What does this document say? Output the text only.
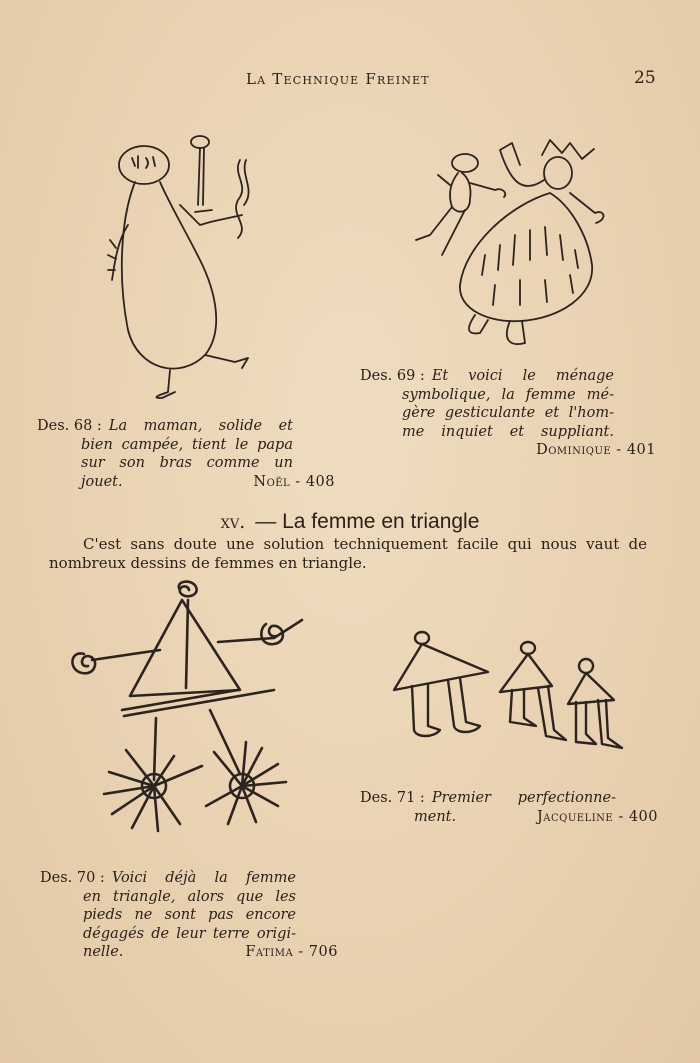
La Technique Freinet	25
Des. 68 : La maman, solide et
bien campée, tient le papa
sur son bras comme un
jouet.	Noël - 408
Des. 69 : Et voici le ménage
symbolique, la femme mé-
gère gesticulante et l'hom-
me inquiet et suppliant.
Dominique - 401
xv. — La femme en triangle
C'est sans doute une solution techniquement facile qui nous vaut de
nombreux dessins de femmes en triangle.
Des. 71 : Premier perfectionne-
ment.	Jacqueline - 400
Des. 70 : Voici déjà la femme
en triangle, alors que les
pieds ne sont pas encore
dégagés de leur terre origi-
nelle.	Fatima - 706
